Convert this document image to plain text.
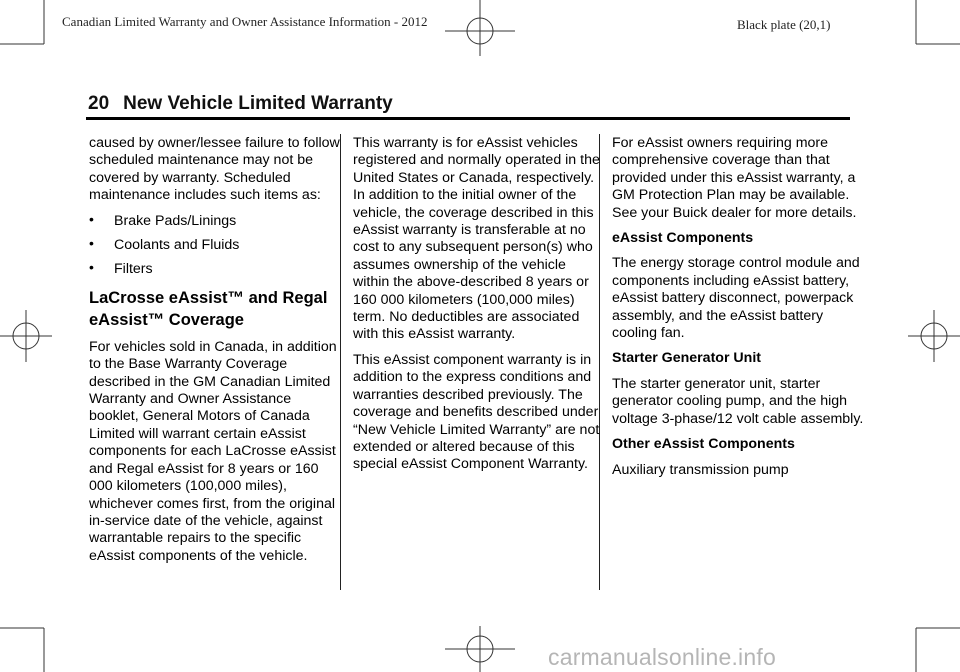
Canadian Limited Warranty and Owner Assistance Information - 2012	Black plate (20,1)
20 New Vehicle Limited Warranty

caused by owner/lessee failure to follow scheduled maintenance may not be covered by warranty. Scheduled maintenance includes such items as:

• Brake Pads/Linings
• Coolants and Fluids
• Filters

LaCrosse eAssist™ and Regal eAssist™ Coverage

For vehicles sold in Canada, in addition to the Base Warranty Coverage described in the GM Canadian Limited Warranty and Owner Assistance booklet, General Motors of Canada Limited will warrant certain eAssist components for each LaCrosse eAssist and Regal eAssist for 8 years or 160 000 kilometers (100,000 miles), whichever comes first, from the original in-service date of the vehicle, against warrantable repairs to the specific eAssist components of the vehicle.

This warranty is for eAssist vehicles registered and normally operated in the United States or Canada, respectively. In addition to the initial owner of the vehicle, the coverage described in this eAssist warranty is transferable at no cost to any subsequent person(s) who assumes ownership of the vehicle within the above-described 8 years or 160 000 kilometers (100,000 miles) term. No deductibles are associated with this eAssist warranty.

This eAssist component warranty is in addition to the express conditions and warranties described previously. The coverage and benefits described under “New Vehicle Limited Warranty” are not extended or altered because of this special eAssist Component Warranty.

For eAssist owners requiring more comprehensive coverage than that provided under this eAssist warranty, a GM Protection Plan may be available. See your Buick dealer for more details.

eAssist Components

The energy storage control module and components including eAssist battery, eAssist battery disconnect, powerpack assembly, and the eAssist battery cooling fan.

Starter Generator Unit

The starter generator unit, starter generator cooling pump, and the high voltage 3-phase/12 volt cable assembly.

Other eAssist Components

Auxiliary transmission pump

carmanualsonline.info
